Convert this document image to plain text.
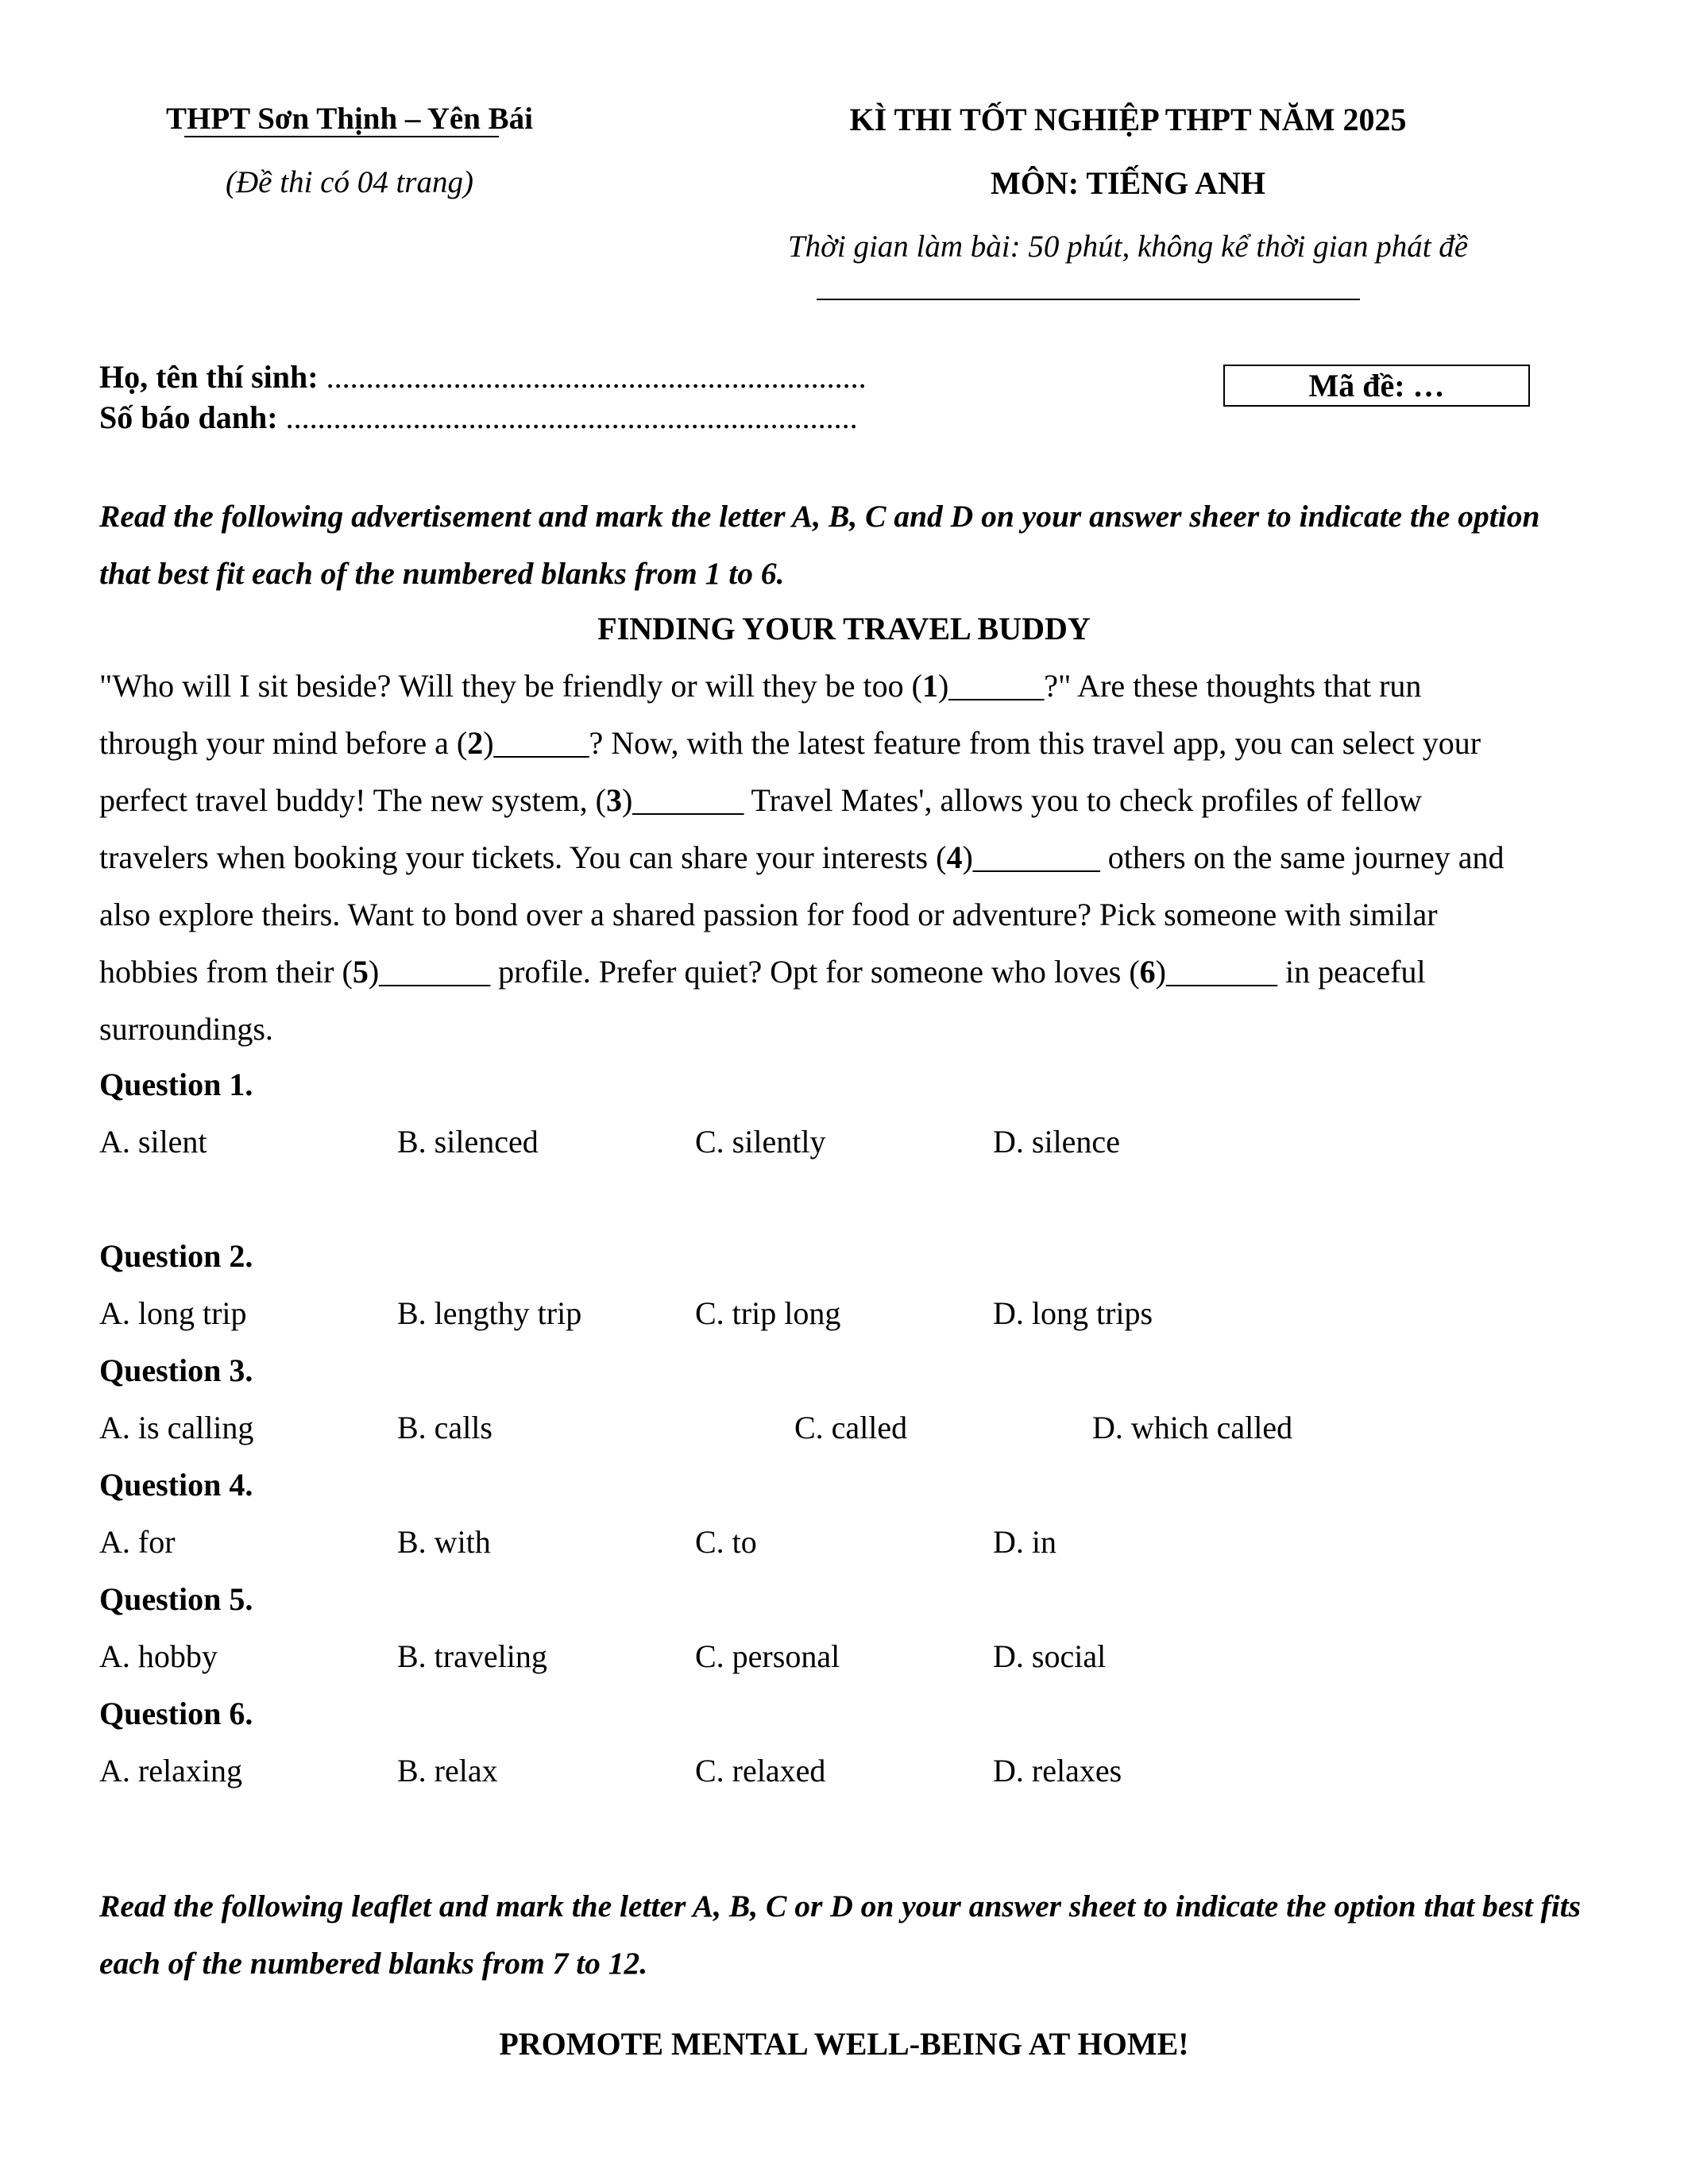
THPT Sơn Thịnh – Yên Bái
(Đề thi có 04 trang)
KÌ THI TỐT NGHIỆP THPT NĂM 2025
MÔN: TIẾNG ANH
Thời gian làm bài: 50 phút, không kể thời gian phát đề
Họ, tên thí sinh: ....................................................................
Số báo danh: ........................................................................
Mã đề: …
Read the following advertisement and mark the letter A, B, C and D on your answer sheer to indicate the option that best fit each of the numbered blanks from 1 to 6.
FINDING YOUR TRAVEL BUDDY
"Who will I sit beside? Will they be friendly or will they be too (1)______?" Are these thoughts that run
through your mind before a (2)______? Now, with the latest feature from this travel app, you can select your
perfect travel buddy! The new system, (3)_______ Travel Mates', allows you to check profiles of fellow
travelers when booking your tickets. You can share your interests (4)________ others on the same journey and
also explore theirs. Want to bond over a shared passion for food or adventure? Pick someone with similar
hobbies from their (5)_______ profile. Prefer quiet? Opt for someone who loves (6)_______ in peaceful
surroundings.
Question 1.
A. silent	B. silenced	C. silently	D. silence
Question 2.
A. long trip	B. lengthy trip	C. trip long	D. long trips
Question 3.
A. is calling	B. calls	C. called	D. which called
Question 4.
A. for	B. with	C. to	D. in
Question 5.
A. hobby	B. traveling	C. personal	D. social
Question 6.
A. relaxing	B. relax	C. relaxed	D. relaxes
Read the following leaflet and mark the letter A, B, C or D on your answer sheet to indicate the option that best fits each of the numbered blanks from 7 to 12.
PROMOTE MENTAL WELL-BEING AT HOME!
